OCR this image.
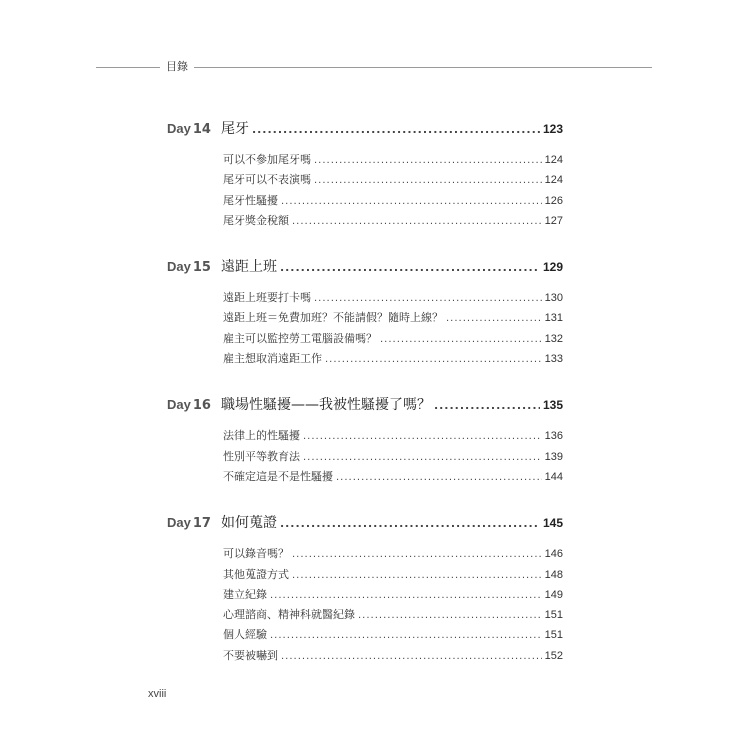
目錄
Day 14 尾牙 .....	123
可以不參加尾牙嗎 .....	124
尾牙可以不表演嗎 .....	124
尾牙性騷擾 .....	126
尾牙獎金稅額 .....	127
Day 15 遠距上班 .....	129
遠距上班要打卡嗎 .....	130
遠距上班＝免費加班？不能請假？隨時上線？ .....	131
雇主可以監控勞工電腦設備嗎？ .....	132
雇主想取消遠距工作 .....	133
Day 16 職場性騷擾——我被性騷擾了嗎？ .....	135
法律上的性騷擾 .....	136
性別平等教育法 .....	139
不確定這是不是性騷擾 .....	144
Day 17 如何蒐證 .....	145
可以錄音嗎？ .....	146
其他蒐證方式 .....	148
建立紀錄 .....	149
心理諮商、精神科就醫紀錄 .....	151
個人經驗 .....	151
不要被嚇到 .....	152
xviii
